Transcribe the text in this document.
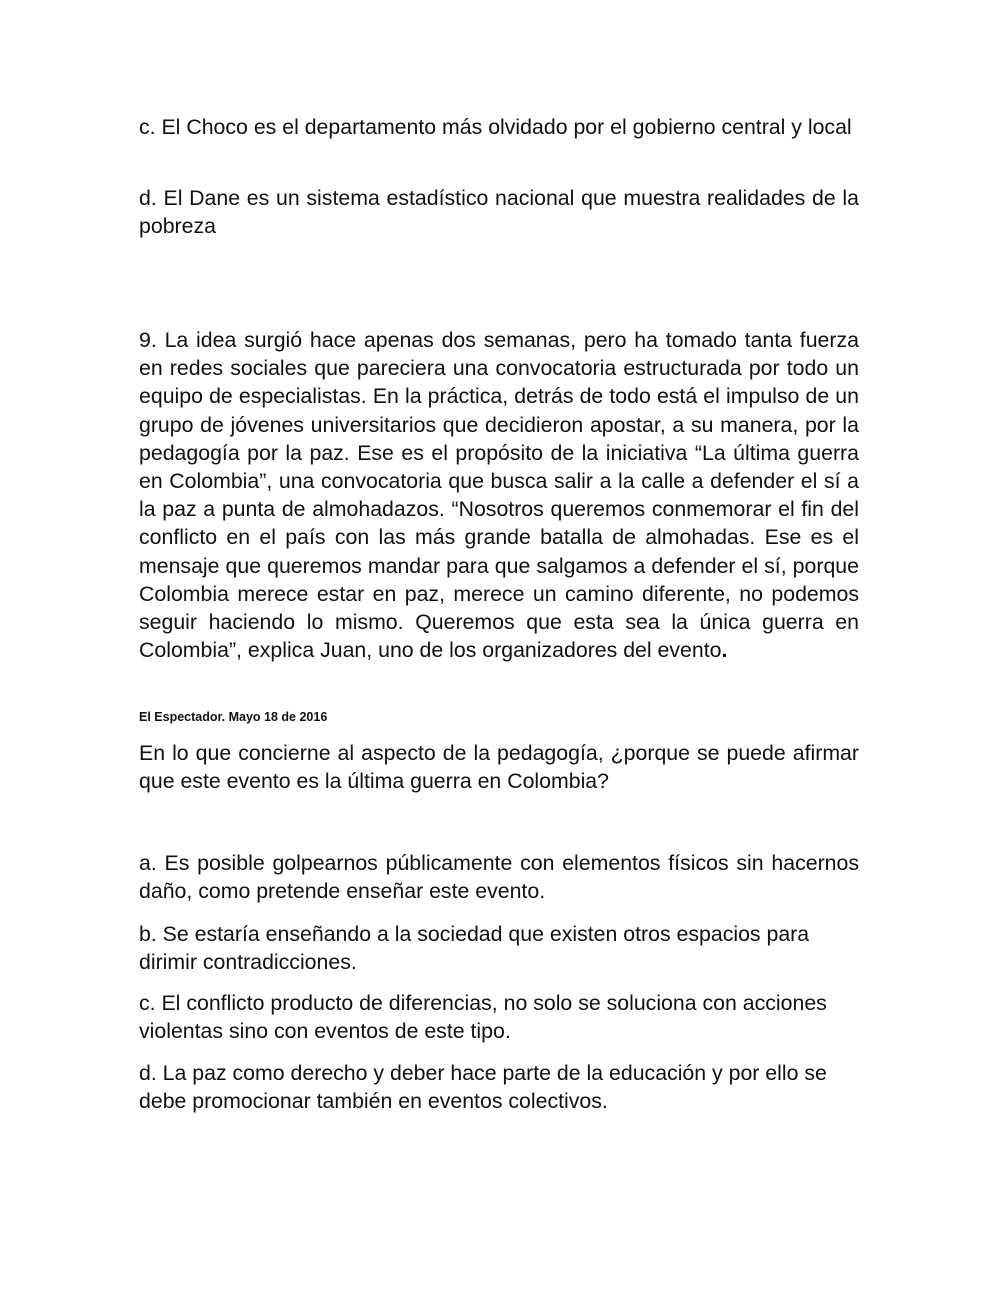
c. El Choco es el departamento más olvidado por el gobierno central y local

d. El Dane es un sistema estadístico nacional que muestra realidades de la pobreza

9. La idea surgió hace apenas dos semanas, pero ha tomado tanta fuerza en redes sociales que pareciera una convocatoria estructurada por todo un equipo de especialistas. En la práctica, detrás de todo está el impulso de un grupo de jóvenes universitarios que decidieron apostar, a su manera, por la pedagogía por la paz. Ese es el propósito de la iniciativa “La última guerra en Colombia”, una convocatoria que busca salir a la calle a defender el sí a la paz a punta de almohadazos. “Nosotros queremos conmemorar el fin del conflicto en el país con las más grande batalla de almohadas. Ese es el mensaje que queremos mandar para que salgamos a defender el sí, porque Colombia merece estar en paz, merece un camino diferente, no podemos seguir haciendo lo mismo. Queremos que esta sea la única guerra en Colombia”, explica Juan, uno de los organizadores del evento.

El Espectador. Mayo 18 de 2016

En lo que concierne al aspecto de la pedagogía, ¿porque se puede afirmar que este evento es la última guerra en Colombia?

a. Es posible golpearnos públicamente con elementos físicos sin hacernos daño, como pretende enseñar este evento.

b. Se estaría enseñando a la sociedad que existen otros espacios para dirimir contradicciones.

c. El conflicto producto de diferencias, no solo se soluciona con acciones violentas sino con eventos de este tipo.

d. La paz como derecho y deber hace parte de la educación y por ello se debe promocionar también en eventos colectivos.
